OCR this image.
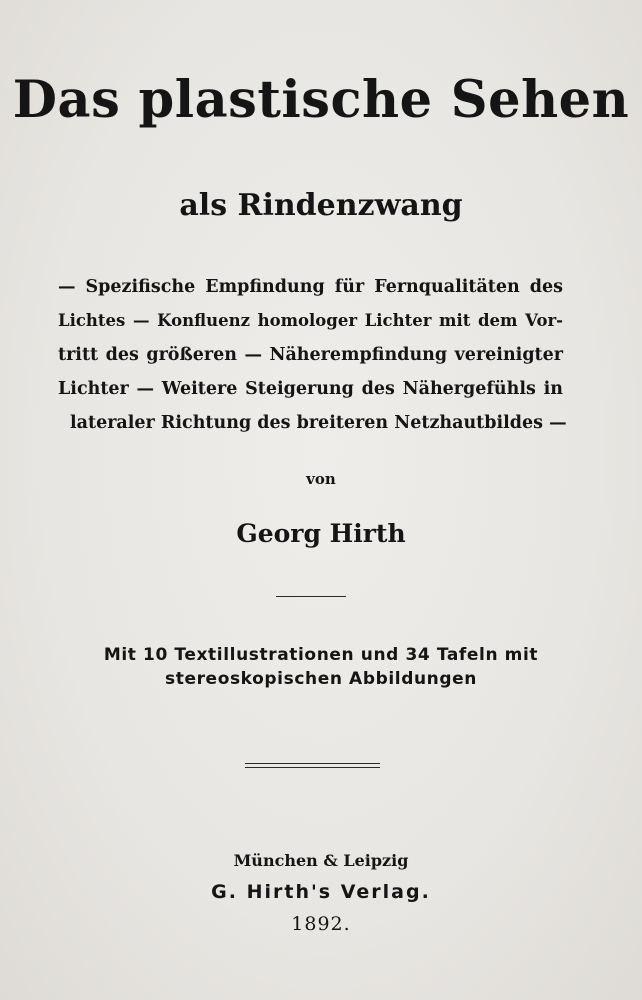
Das plastische Sehen
als Rindenzwang
— Spezifische Empfindung für Fernqualitäten des
Lichtes — Konfluenz homologer Lichter mit dem Vor-
tritt des größeren — Näherempfindung vereinigter
Lichter — Weitere Steigerung des Nähergefühls in
lateraler Richtung des breiteren Netzhautbildes —
von
Georg Hirth
Mit 10 Textillustrationen und 34 Tafeln mit
stereoskopischen Abbildungen
München & Leipzig
G. Hirth's Verlag.
1892.
